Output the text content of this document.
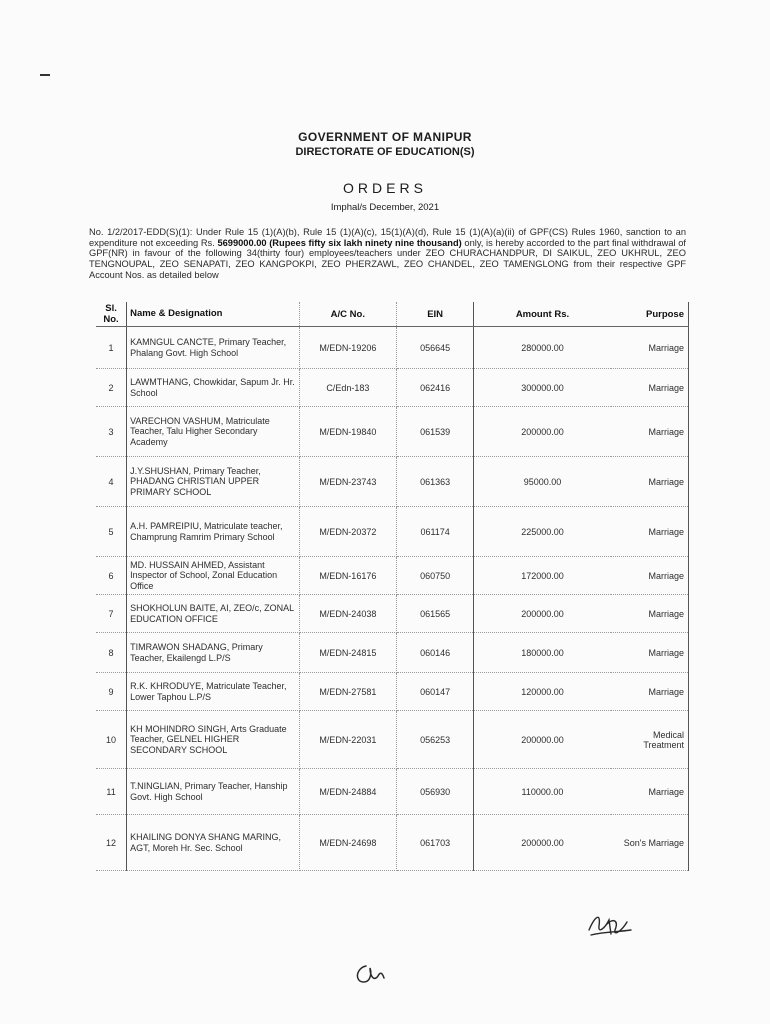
GOVERNMENT OF MANIPUR
DIRECTORATE OF EDUCATION(S)
ORDERS
Imphal/s December, 2021
No. 1/2/2017-EDD(S)(1): Under Rule 15 (1)(A)(b), Rule 15 (1)(A)(c), 15(1)(A)(d), Rule 15 (1)(A)(a)(ii) of GPF(CS) Rules 1960, sanction to an expenditure not exceeding Rs. 5699000.00 (Rupees fifty six lakh ninety nine thousand) only, is hereby accorded to the part final withdrawal of GPF(NR) in favour of the following 34(thirty four) employees/teachers under ZEO CHURACHANDPUR, DI SAIKUL, ZEO UKHRUL, ZEO TENGNOUPAL, ZEO SENAPATI, ZEO KANGPOKPI, ZEO PHERZAWL, ZEO CHANDEL, ZEO TAMENGLONG from their respective GPF Account Nos. as detailed below
Sl. No.	Name & Designation	A/C No.	EIN	Amount Rs.	Purpose
1	KAMNGUL CANCTE, Primary Teacher, Phalang Govt. High School	M/EDN-19206	056645	280000.00	Marriage
2	LAWMTHANG, Chowkidar, Sapum Jr. Hr. School	C/Edn-183	062416	300000.00	Marriage
3	VARECHON VASHUM, Matriculate Teacher, Talu Higher Secondary Academy	M/EDN-19840	061539	200000.00	Marriage
4	J.Y.SHUSHAN, Primary Teacher, PHADANG CHRISTIAN UPPER PRIMARY SCHOOL	M/EDN-23743	061363	95000.00	Marriage
5	A.H. PAMREIPIU, Matriculate teacher, Champrung Ramrim Primary School	M/EDN-20372	061174	225000.00	Marriage
6	MD. HUSSAIN AHMED, Assistant Inspector of School, Zonal Education Office	M/EDN-16176	060750	172000.00	Marriage
7	SHOKHOLUN BAITE, AI, ZEO/c, ZONAL EDUCATION OFFICE	M/EDN-24038	061565	200000.00	Marriage
8	TIMRAWON SHADANG, Primary Teacher, Ekailengd L.P/S	M/EDN-24815	060146	180000.00	Marriage
9	R.K. KHRODUYE, Matriculate Teacher, Lower Taphou L.P/S	M/EDN-27581	060147	120000.00	Marriage
10	KH MOHINDRO SINGH, Arts Graduate Teacher, GELNEL HIGHER SECONDARY SCHOOL	M/EDN-22031	056253	200000.00	Medical Treatment
11	T.NINGLIAN, Primary Teacher, Hanship Govt. High School	M/EDN-24884	056930	110000.00	Marriage
12	KHAILING DONYA SHANG MARING, AGT, Moreh Hr. Sec. School	M/EDN-24698	061703	200000.00	Son's Marriage
